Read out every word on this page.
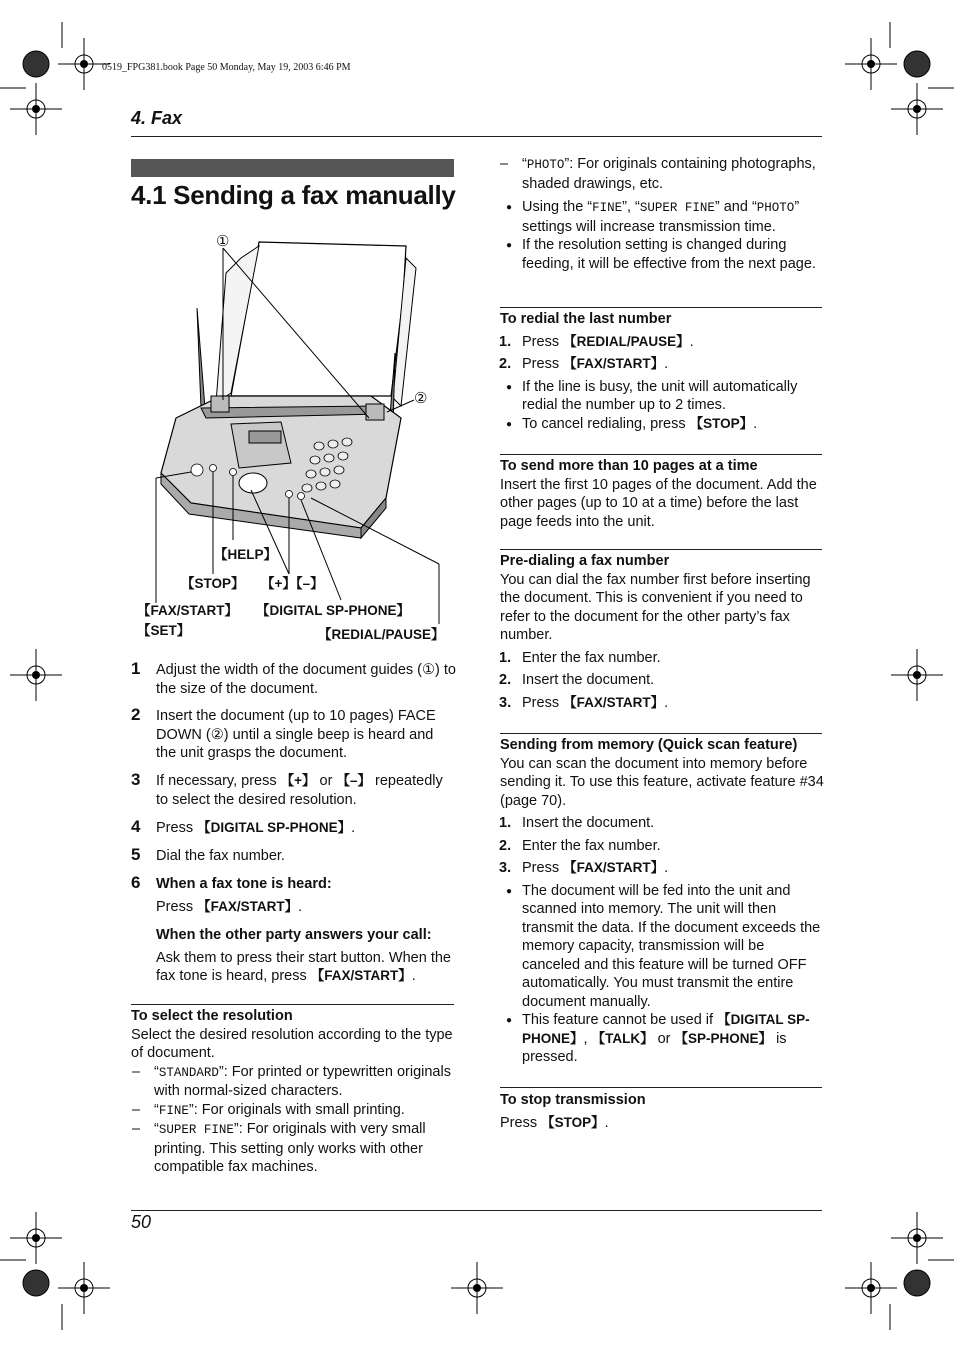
0519_FPG381.book Page 50 Monday, May 19, 2003 6:46 PM
4. Fax
4.1 Sending a fax manually
①
②
【HELP】
【STOP】 【+】【–】
【FAX/START】 【DIGITAL SP-PHONE】
【SET】	【REDIAL/PAUSE】
1 Adjust the width of the document guides (①) to the size of the document.
2 Insert the document (up to 10 pages) FACE DOWN (②) until a single beep is heard and the unit grasps the document.
3 If necessary, press 【+】 or 【–】 repeatedly to select the desired resolution.
4 Press 【DIGITAL SP-PHONE】.
5 Dial the fax number.
6 When a fax tone is heard:
Press 【FAX/START】.
When the other party answers your call:
Ask them to press their start button. When the fax tone is heard, press 【FAX/START】.
To select the resolution
Select the desired resolution according to the type of document.
– “STANDARD”: For printed or typewritten originals with normal-sized characters.
– “FINE”: For originals with small printing.
– “SUPER FINE”: For originals with very small printing. This setting only works with other compatible fax machines.
– “PHOTO”: For originals containing photographs, shaded drawings, etc.
● Using the “FINE”, “SUPER FINE” and “PHOTO” settings will increase transmission time.
● If the resolution setting is changed during feeding, it will be effective from the next page.
To redial the last number
1. Press 【REDIAL/PAUSE】.
2. Press 【FAX/START】.
● If the line is busy, the unit will automatically redial the number up to 2 times.
● To cancel redialing, press 【STOP】.
To send more than 10 pages at a time
Insert the first 10 pages of the document. Add the other pages (up to 10 at a time) before the last page feeds into the unit.
Pre-dialing a fax number
You can dial the fax number first before inserting the document. This is convenient if you need to refer to the document for the other party’s fax number.
1. Enter the fax number.
2. Insert the document.
3. Press 【FAX/START】.
Sending from memory (Quick scan feature)
You can scan the document into memory before sending it. To use this feature, activate feature #34 (page 70).
1. Insert the document.
2. Enter the fax number.
3. Press 【FAX/START】.
● The document will be fed into the unit and scanned into memory. The unit will then transmit the data. If the document exceeds the memory capacity, transmission will be canceled and this feature will be turned OFF automatically. You must transmit the entire document manually.
● This feature cannot be used if 【DIGITAL SP-PHONE】, 【TALK】 or 【SP-PHONE】 is pressed.
To stop transmission
Press 【STOP】.
50
